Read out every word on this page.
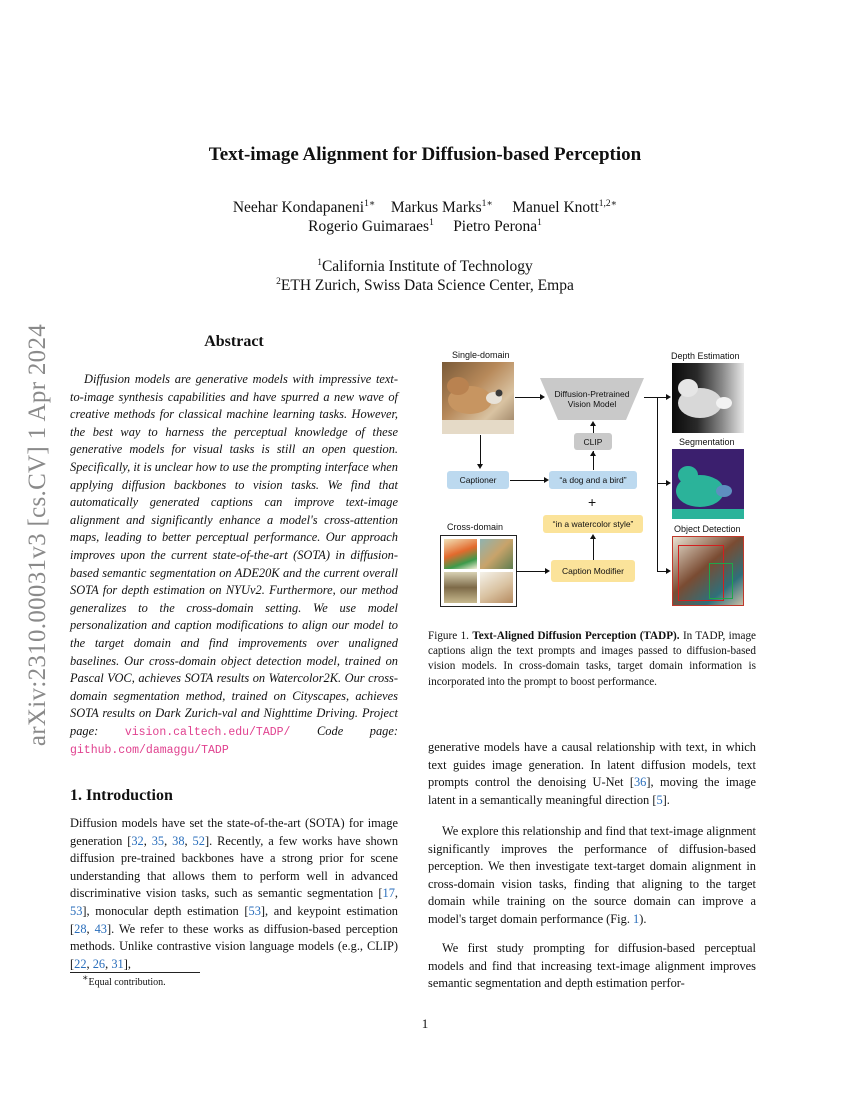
arXiv:2310.00031v3 [cs.CV] 1 Apr 2024
Text-image Alignment for Diffusion-based Perception
Neehar Kondapaneni$^{1∗}$ Markus Marks$^{1∗}$ Manuel Knott$^{1,2∗}$
Rogerio Guimaraes$^1$ Pietro Perona$^1$
$^1$California Institute of Technology
$^2$ETH Zurich, Swiss Data Science Center, Empa
Abstract
Diffusion models are generative models with impressive text-to-image synthesis capabilities and have spurred a new wave of creative methods for classical machine learning tasks. However, the best way to harness the perceptual knowledge of these generative models for visual tasks is still an open question. Specifically, it is unclear how to use the prompting interface when applying diffusion backbones to vision tasks. We find that automatically generated captions can improve text-image alignment and significantly enhance a model's cross-attention maps, leading to better perceptual performance. Our approach improves upon the current state-of-the-art (SOTA) in diffusion-based semantic segmentation on ADE20K and the current overall SOTA for depth estimation on NYUv2. Furthermore, our method generalizes to the cross-domain setting. We use model personalization and caption modifications to align our model to the target domain and find improvements over unaligned baselines. Our cross-domain object detection model, trained on Pascal VOC, achieves SOTA results on Watercolor2K. Our cross-domain segmentation method, trained on Cityscapes, achieves SOTA results on Dark Zurich-val and Nighttime Driving. Project page: vision.caltech.edu/TADP/ Code page: github.com/damaggu/TADP
1. Introduction
Diffusion models have set the state-of-the-art (SOTA) for image generation [32, 35, 38, 52]. Recently, a few works have shown diffusion pre-trained backbones have a strong prior for scene understanding that allows them to perform well in advanced discriminative vision tasks, such as semantic segmentation [17, 53], monocular depth estimation [53], and keypoint estimation [28, 43]. We refer to these works as diffusion-based perception methods. Unlike contrastive vision language models (e.g., CLIP) [22, 26, 31],
∗Equal contribution.
Single-domain
Diffusion-Pretrained Vision Model
CLIP
Captioner	“a dog and a bird”
+
“in a watercolor style”
Caption Modifier
Cross-domain
Depth Estimation
Segmentation
Object Detection
Figure 1. Text-Aligned Diffusion Perception (TADP). In TADP, image captions align the text prompts and images passed to diffusion-based vision models. In cross-domain tasks, target domain information is incorporated into the prompt to boost performance.
generative models have a causal relationship with text, in which text guides image generation. In latent diffusion models, text prompts control the denoising U-Net [36], moving the image latent in a semantically meaningful direction [5].
We explore this relationship and find that text-image alignment significantly improves the performance of diffusion-based perception. We then investigate text-target domain alignment in cross-domain vision tasks, finding that aligning to the target domain while training on the source domain can improve a model's target domain performance (Fig. 1).
We first study prompting for diffusion-based perceptual models and find that increasing text-image alignment improves semantic segmentation and depth estimation perfor-
1
